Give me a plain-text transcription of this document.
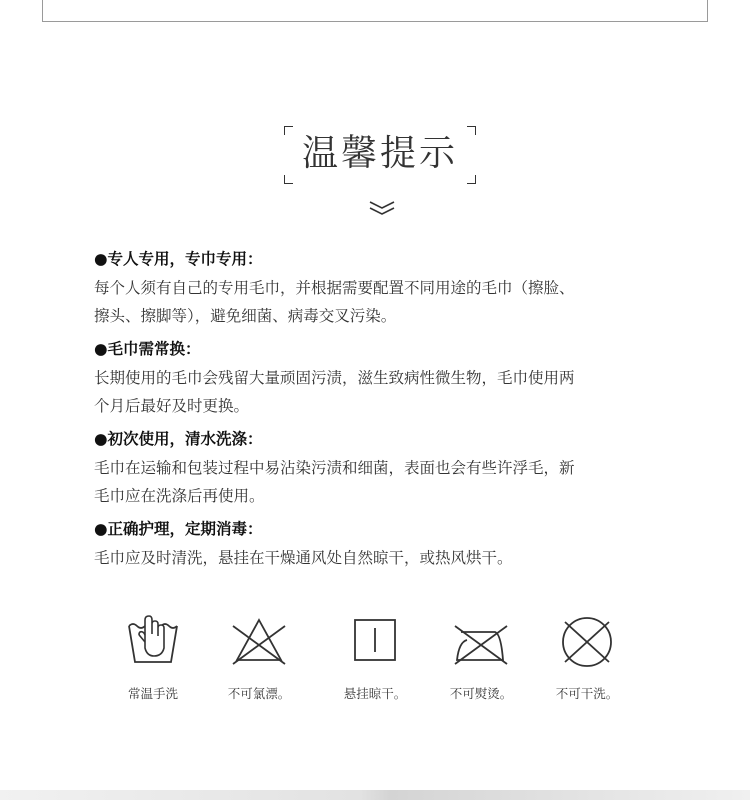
温馨提示
●专人专用，专巾专用：
每个人须有自己的专用毛巾，并根据需要配置不同用途的毛巾（擦脸、
擦头、擦脚等），避免细菌、病毒交叉污染。
●毛巾需常换：
长期使用的毛巾会残留大量顽固污渍，滋生致病性微生物，毛巾使用两
个月后最好及时更换。
●初次使用，清水洗涤：
毛巾在运输和包装过程中易沾染污渍和细菌，表面也会有些许浮毛，新
毛巾应在洗涤后再使用。
●正确护理，定期消毒：
毛巾应及时清洗，悬挂在干燥通风处自然晾干，或热风烘干。
常温手洗	不可氯漂。	悬挂晾干。	不可熨烫。	不可干洗。
